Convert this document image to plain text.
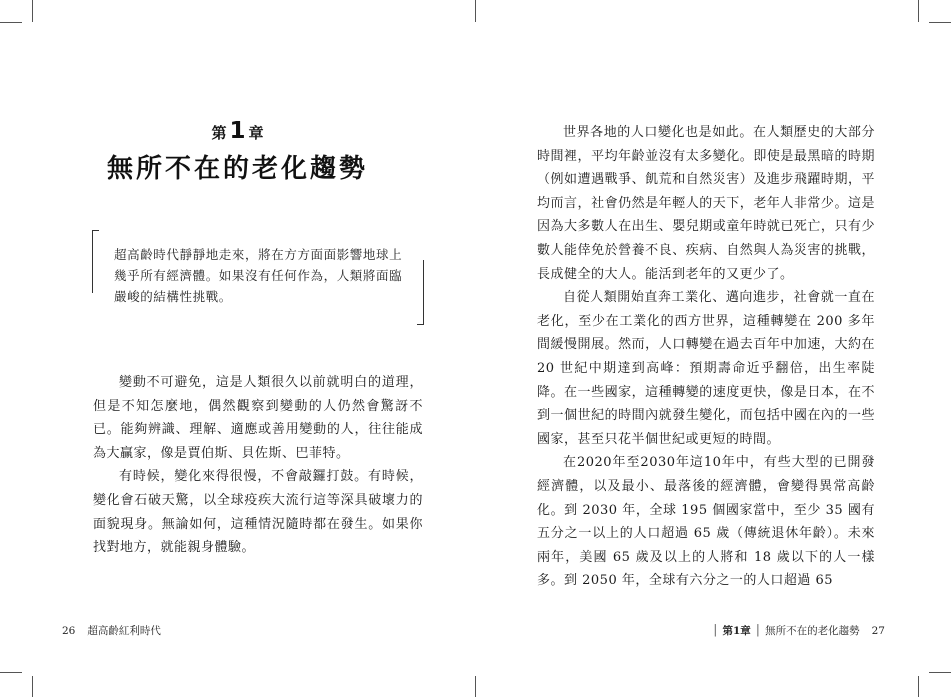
第 1 章
無所不在的老化趨勢
超高齡時代靜靜地走來，將在方方面面影響地球上幾乎所有經濟體。如果沒有任何作為，人類將面臨嚴峻的結構性挑戰。

變動不可避免，這是人類很久以前就明白的道理，但是不知怎麼地，偶然觀察到變動的人仍然會驚訝不已。能夠辨識、理解、適應或善用變動的人，往往能成為大贏家，像是賈伯斯、貝佐斯、巴菲特。

有時候，變化來得很慢，不會敲鑼打鼓。有時候，變化會石破天驚，以全球疫疾大流行這等深具破壞力的面貌現身。無論如何，這種情況隨時都在發生。如果你找對地方，就能親身體驗。

26 超高齡紅利時代

世界各地的人口變化也是如此。在人類歷史的大部分時間裡，平均年齡並沒有太多變化。即使是最黑暗的時期（例如遭遇戰爭、飢荒和自然災害）及進步飛躍時期，平均而言，社會仍然是年輕人的天下，老年人非常少。這是因為大多數人在出生、嬰兒期或童年時就已死亡，只有少數人能倖免於營養不良、疾病、自然與人為災害的挑戰，長成健全的大人。能活到老年的又更少了。

自從人類開始直奔工業化、邁向進步，社會就一直在老化，至少在工業化的西方世界，這種轉變在 200 多年間緩慢開展。然而，人口轉變在過去百年中加速，大約在 20 世紀中期達到高峰：預期壽命近乎翻倍，出生率陡降。在一些國家，這種轉變的速度更快，像是日本，在不到一個世紀的時間內就發生變化，而包括中國在內的一些國家，甚至只花半個世紀或更短的時間。

在2020年至2030年這10年中，有些大型的已開發經濟體，以及最小、最落後的經濟體，會變得異常高齡化。到 2030 年，全球 195 個國家當中，至少 35 國有五分之一以上的人口超過 65 歲（傳統退休年齡）。未來兩年，美國 65 歲及以上的人將和 18 歲以下的人一樣多。到 2050 年，全球有六分之一的人口超過 65

│ 第1章 │ 無所不在的老化趨勢 27
